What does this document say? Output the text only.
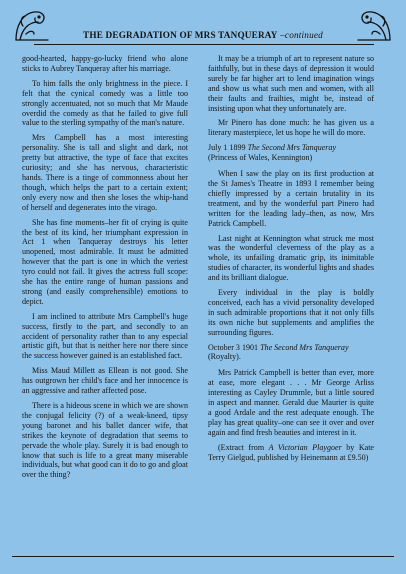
THE DEGRADATION OF MRS TANQUERAY –continued

good-hearted, happy-go-lucky friend who alone sticks to Aubrey Tanqueray after his marriage.

To him falls the only brightness in the piece. I felt that the cynical comedy was a little too strongly accentuated, not so much that Mr Maude overdid the comedy as that he failed to give full value to the sterling sympathy of the man's nature.

Mrs Campbell has a most interesting personality. She is tall and slight and dark, not pretty but attractive, the type of face that excites curiosity; and she has nervous, characteristic hands. There is a tinge of commonness about her though, which helps the part to a certain extent; only every now and then she loses the whip-hand of herself and degenerates into the virago.

She has fine moments–her fit of crying is quite the best of its kind, her triumphant expression in Act 1 when Tanqueray destroys his letter unopened, most admirable. It must be admitted however that the part is one in which the veriest tyro could not fail. It gives the actress full scope: she has the entire range of human passions and strong (and easily comprehensible) emotions to depict.

I am inclined to attribute Mrs Campbell's huge success, firstly to the part, and secondly to an accident of personality rather than to any especial artistic gift, but that is neither here nor there since the success however gained is an established fact.

Miss Maud Millett as Ellean is not good. She has outgrown her child's face and her innocence is an aggressive and rather affected pose.

There is a hideous scene in which we are shown the conjugal felicity (?) of a weak-kneed, tipsy young baronet and his ballet dancer wife, that strikes the keynote of degradation that seems to pervade the whole play. Surely it is bad enough to know that such is life to a great many miserable individuals, but what good can it do to go and gloat over the thing?

It may be a triumph of art to represent nature so faithfully, but in these days of depression it would surely be far higher art to lend imagination wings and show us what such men and women, with all their faults and frailties, might be, instead of insisting upon what they unfortunately are.

Mr Pinero has done much: he has given us a literary masterpiece, let us hope he will do more.

July 1 1899 The Second Mrs Tanqueray
(Princess of Wales, Kennington)

When I saw the play on its first production at the St James's Theatre in 1893 I remember being chiefly impressed by a certain brutality in its treatment, and by the wonderful part Pinero had written for the leading lady–then, as now, Mrs Patrick Campbell.

Last night at Kennington what struck me most was the wonderful cleverness of the play as a whole, its unfailing dramatic grip, its inimitable studies of character, its wonderful lights and shades and its brilliant dialogue.

Every individual in the play is boldly conceived, each has a vivid personality developed in such admirable proportions that it not only fills its own niche but supplements and amplifies the surrounding figures.

October 3 1901 The Second Mrs Tanqueray
(Royalty).

Mrs Patrick Campbell is better than ever, more at ease, more elegant . . . Mr George Arliss interesting as Cayley Drummle, but a little soured in aspect and manner. Gerald due Maurier is quite a good Ardale and the rest adequate enough. The play has great quality–one can see it over and over again and find fresh beauties and interest in it.

(Extract from A Victorian Playgoer by Kate Terry Gielgud, published by Heinemann at £9.50)
